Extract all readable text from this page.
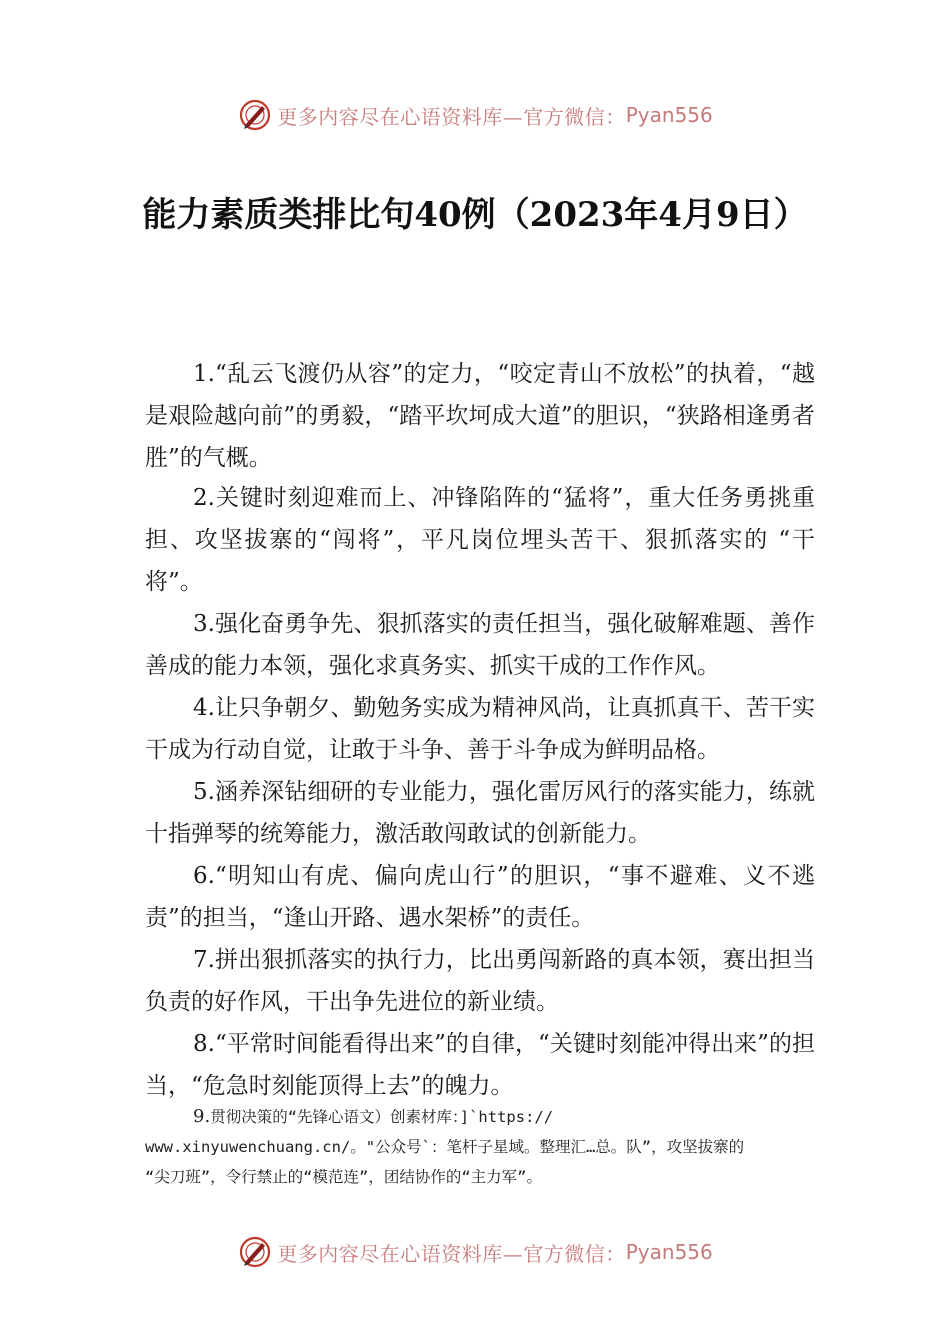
更多内容尽在心语资料库—官方微信： Pyan556
能力素质类排比句40例（2023年4月9日）

1.“乱云飞渡仍从容”的定力，“咬定青山不放松”的执着，“越是艰险越向前”的勇毅，“踏平坎坷成大道”的胆识，“狭路相逢勇者胜”的气概。

2.关键时刻迎难而上、冲锋陷阵的“猛将”，重大任务勇挑重担、攻坚拔寨的“闯将”，平凡岗位埋头苦干、狠抓落实的 “干将”。

3.强化奋勇争先、狠抓落实的责任担当，强化破解难题、善作善成的能力本领，强化求真务实、抓实干成的工作作风。

4.让只争朝夕、勤勉务实成为精神风尚，让真抓真干、苦干实干成为行动自觉，让敢于斗争、善于斗争成为鲜明品格。

5.涵养深钻细研的专业能力，强化雷厉风行的落实能力，练就十指弹琴的统筹能力，激活敢闯敢试的创新能力。

6.“明知山有虎、偏向虎山行”的胆识，“事不避难、义不逃责”的担当，“逢山开路、遇水架桥”的责任。

7.拼出狠抓落实的执行力，比出勇闯新路的真本领，赛出担当负责的好作风，干出争先进位的新业绩。

8.“平常时间能看得出来”的自律，“关键时刻能冲得出来”的担当，“危急时刻能顶得上去”的魄力。

9.贯彻决策的“先锋心语文）创素材库：]`https://
www.xinyuwenchuang.cn/。"公众号`：笔杆子星域。整理汇…总。队”，攻坚拔寨的
“尖刀班”，令行禁止的“模范连”，团结协作的“主力军”。
更多内容尽在心语资料库—官方微信： Pyan556
